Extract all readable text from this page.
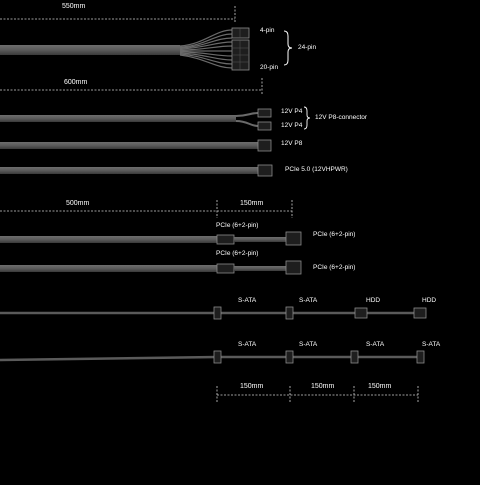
550mm
600mm
500mm	150mm
150mm	150mm	150mm
4-pin
20-pin
24-pin
12V P4
12V P4
12V P8-connector
12V P8
PCIe 5.0 (12VHPWR)
PCIe (6+2-pin)
PCIe (6+2-pin)
PCIe (6+2-pin)
PCIe (6+2-pin)
S-ATA	S-ATA	HDD	HDD
S-ATA	S-ATA	S-ATA	S-ATA
